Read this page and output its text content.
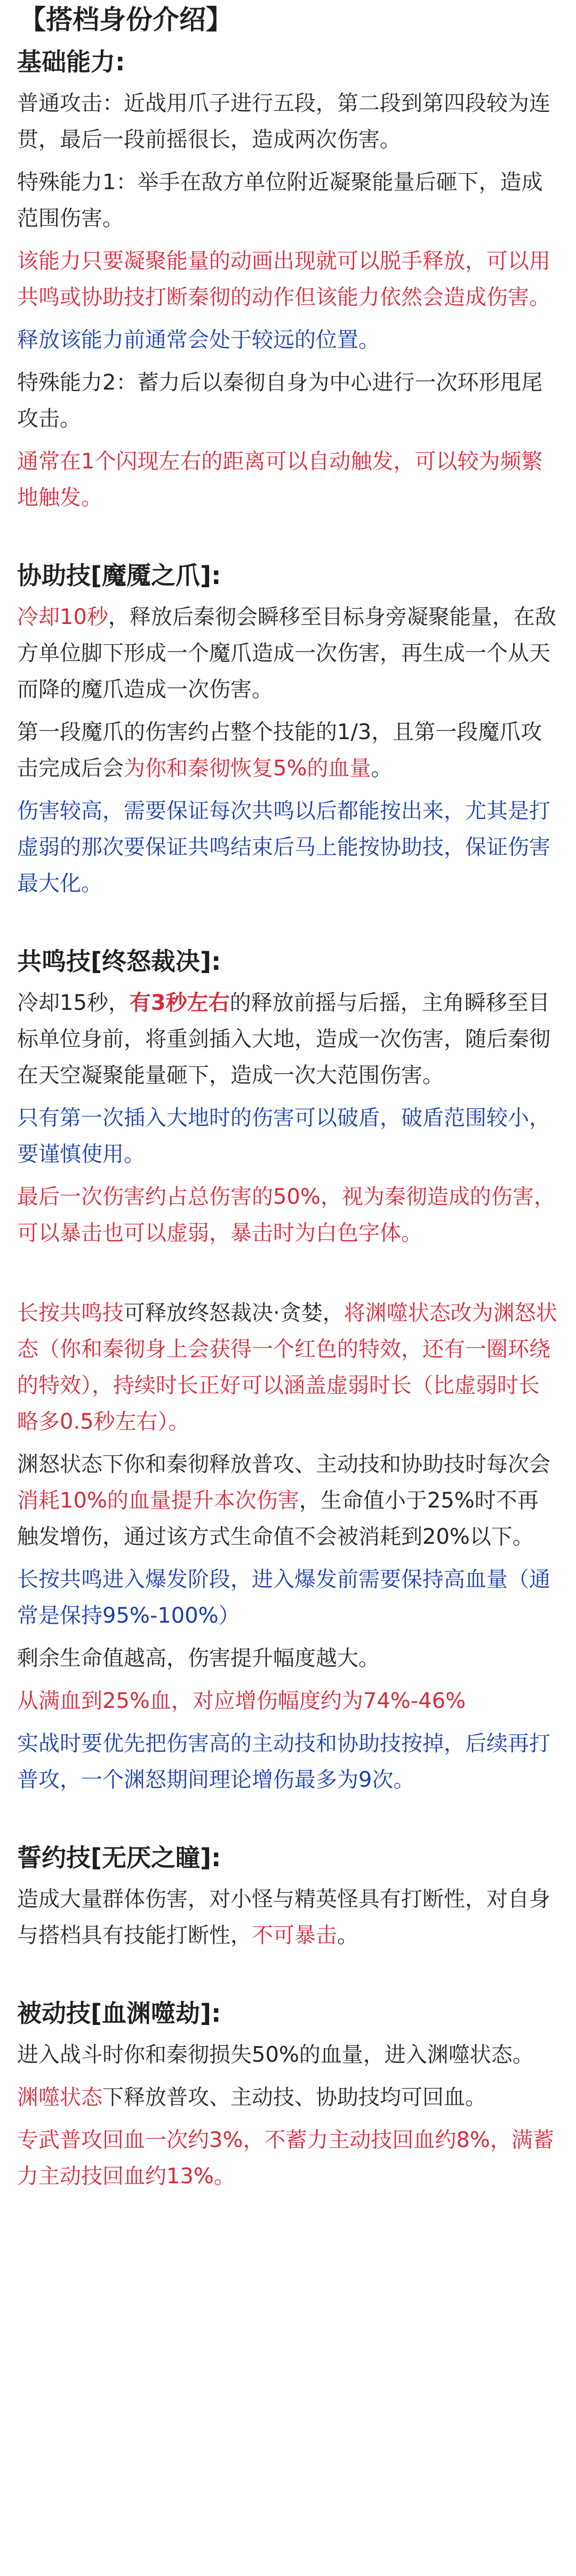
【搭档身份介绍】
基础能力:
普通攻击：近战用爪子进行五段，第二段到第四段较为连贯，最后一段前摇很长，造成两次伤害。
特殊能力1：举手在敌方单位附近凝聚能量后砸下，造成范围伤害。
该能力只要凝聚能量的动画出现就可以脱手释放，可以用共鸣或协助技打断秦彻的动作但该能力依然会造成伤害。
释放该能力前通常会处于较远的位置。
特殊能力2：蓄力后以秦彻自身为中心进行一次环形甩尾攻击。
通常在1个闪现左右的距离可以自动触发，可以较为频繁地触发。
协助技[魔魇之爪]:
冷却10秒，释放后秦彻会瞬移至目标身旁凝聚能量，在敌方单位脚下形成一个魔爪造成一次伤害，再生成一个从天而降的魔爪造成一次伤害。
第一段魔爪的伤害约占整个技能的1/3，且第一段魔爪攻击完成后会为你和秦彻恢复5%的血量。
伤害较高，需要保证每次共鸣以后都能按出来，尤其是打虚弱的那次要保证共鸣结束后马上能按协助技，保证伤害最大化。
共鸣技[终怒裁决]:
冷却15秒，有3秒左右的释放前摇与后摇，主角瞬移至目标单位身前，将重剑插入大地，造成一次伤害，随后秦彻在天空凝聚能量砸下，造成一次大范围伤害。
只有第一次插入大地时的伤害可以破盾，破盾范围较小，要谨慎使用。
最后一次伤害约占总伤害的50%，视为秦彻造成的伤害，可以暴击也可以虚弱，暴击时为白色字体。
长按共鸣技可释放终怒裁决·贪婪，将渊噬状态改为渊怒状态（你和秦彻身上会获得一个红色的特效，还有一圈环绕的特效），持续时长正好可以涵盖虚弱时长（比虚弱时长略多0.5秒左右）。
渊怒状态下你和秦彻释放普攻、主动技和协助技时每次会消耗10%的血量提升本次伤害，生命值小于25%时不再触发增伤，通过该方式生命值不会被消耗到20%以下。
长按共鸣进入爆发阶段，进入爆发前需要保持高血量（通常是保持95%-100%）
剩余生命值越高，伤害提升幅度越大。
从满血到25%血，对应增伤幅度约为74%-46%
实战时要优先把伤害高的主动技和协助技按掉，后续再打普攻，一个渊怒期间理论增伤最多为9次。
誓约技[无厌之瞳]:
造成大量群体伤害，对小怪与精英怪具有打断性，对自身与搭档具有技能打断性，不可暴击。
被动技[血渊噬劫]:
进入战斗时你和秦彻损失50%的血量，进入渊噬状态。
渊噬状态下释放普攻、主动技、协助技均可回血。
专武普攻回血一次约3%，不蓄力主动技回血约8%，满蓄力主动技回血约13%。
